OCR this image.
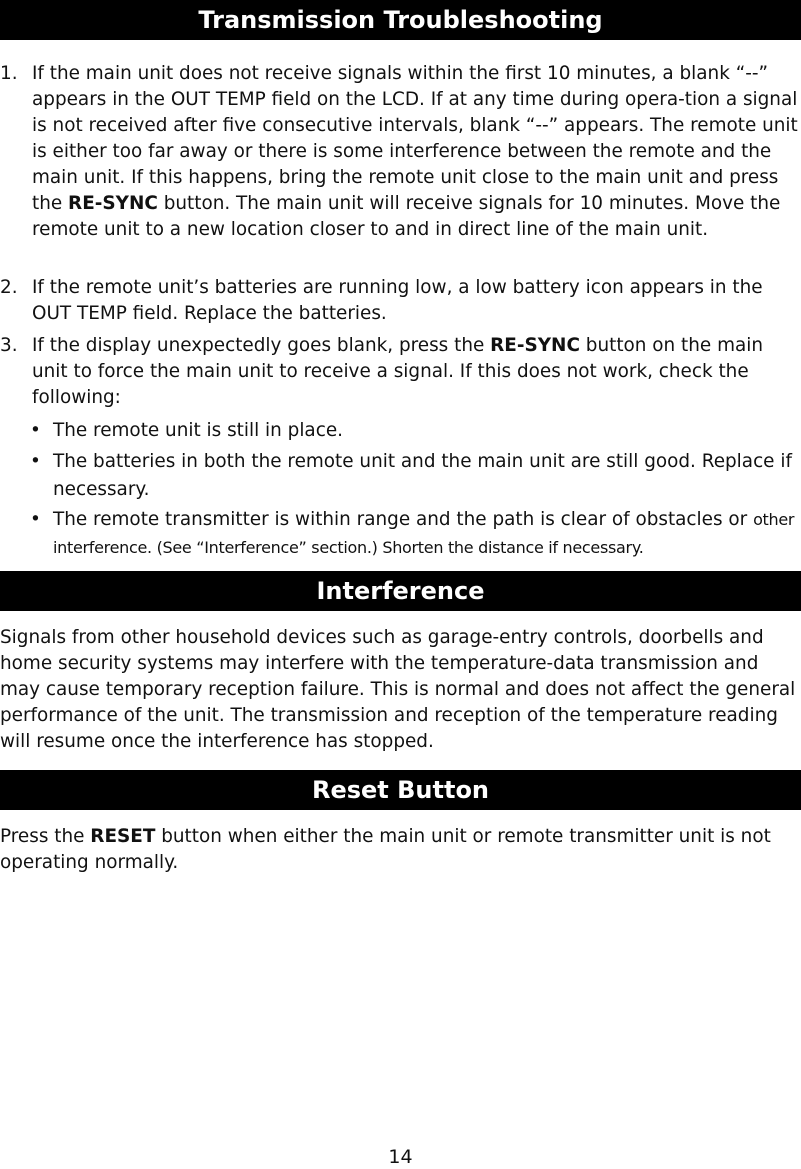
Transmission Troubleshooting
1. If the main unit does not receive signals within the first 10 minutes, a blank “--” appears in the OUT TEMP field on the LCD. If at any time during opera-tion a signal is not received after five consecutive intervals, blank “--” appears. The remote unit is either too far away or there is some interference between the remote and the main unit. If this happens, bring the remote unit close to the main unit and press the RE-SYNC button. The main unit will receive signals for 10 minutes. Move the remote unit to a new location closer to and in direct line of the main unit.
2. If the remote unit’s batteries are running low, a low battery icon appears in the OUT TEMP field. Replace the batteries.
3. If the display unexpectedly goes blank, press the RE-SYNC button on the main unit to force the main unit to receive a signal. If this does not work, check the following:
• The remote unit is still in place.
• The batteries in both the remote unit and the main unit are still good. Replace if necessary.
• The remote transmitter is within range and the path is clear of obstacles or other interference. (See “Interference” section.) Shorten the distance if necessary.
Interference

Signals from other household devices such as garage-entry controls, doorbells and home security systems may interfere with the temperature-data transmission and may cause temporary reception failure. This is normal and does not affect the general performance of the unit. The transmission and reception of the temperature reading will resume once the interference has stopped.

Reset Button

Press the RESET button when either the main unit or remote transmitter unit is not operating normally.

14
